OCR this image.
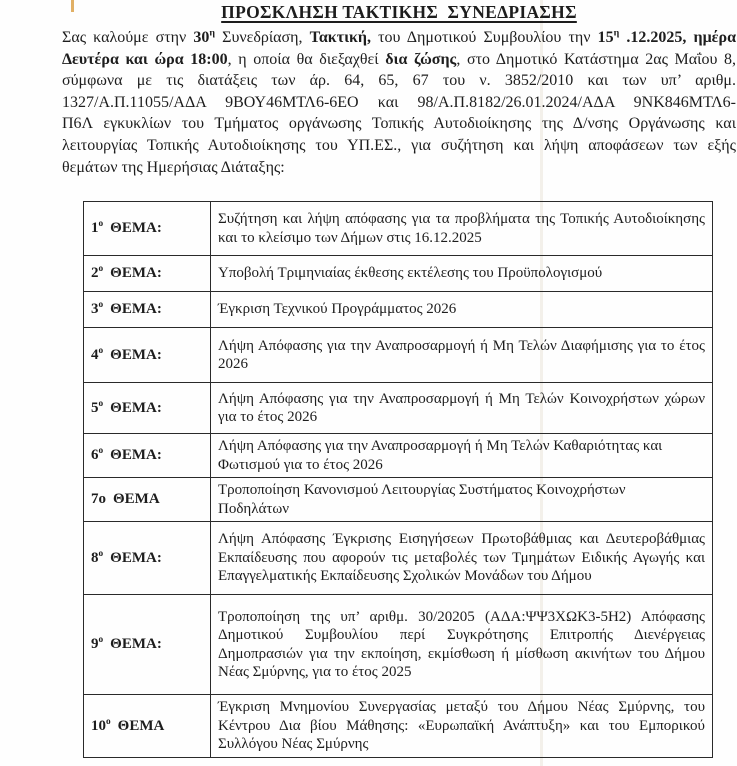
ΠΡΟΣΚΛΗΣΗ ΤΑΚΤΙΚΗΣ  ΣΥΝΕΔΡΙΑΣΗΣ
Σας καλούμε στην $30^\eta$ Συνεδρίαση, Τακτική, του Δημοτικού Συμβουλίου την $15^\eta$ .12.2025, ημέρα
Δευτέρα και ώρα 18:00, η οποία θα διεξαχθεί δια ζώσης, στο Δημοτικό Κατάστημα 2ας Μαΐου 8,
σύμφωνα με τις διατάξεις των άρ. 64, 65, 67 του ν. 3852/2010 και των υπ’ αριθμ.
1327/Α.Π.11055/ΑΔΑ 9ΒΟΥ46ΜΤΛ6-6ΕΟ και 98/Α.Π.8182/26.01.2024/ΑΔΑ 9ΝΚ846ΜΤΛ6-
Π6Λ εγκυκλίων του Τμήματος οργάνωσης Τοπικής Αυτοδιοίκησης της Δ/νσης Οργάνωσης και
λειτουργίας Τοπικής Αυτοδιοίκησης του ΥΠ.ΕΣ., για συζήτηση και λήψη αποφάσεων των εξής
θεμάτων της Ημερήσιας Διάταξης:
$1^o$ ΘΕΜΑ:	Συζήτηση και λήψη απόφασης για τα προβλήματα της Τοπικής Αυτοδιοίκησης
και το κλείσιμο των Δήμων στις 16.12.2025

$2^o$ ΘΕΜΑ:	Υποβολή Τριμηνιαίας έκθεσης εκτέλεσης του Προϋπολογισμού

$3^o$ ΘΕΜΑ:	Έγκριση Τεχνικού Προγράμματος 2026

$4^o$ ΘΕΜΑ:	Λήψη Απόφασης για την Αναπροσαρμογή ή Μη Τελών Διαφήμισης για το έτος
2026

$5^o$ ΘΕΜΑ:	Λήψη Απόφασης για την Αναπροσαρμογή ή Μη Τελών Κοινοχρήστων χώρων
για το έτος 2026

$6^o$ ΘΕΜΑ:	Λήψη Απόφασης για την Αναπροσαρμογή ή Μη Τελών Καθαριότητας και
Φωτισμού για το έτος 2026

7ο ΘΕΜΑ	Τροποποίηση Κανονισμού Λειτουργίας Συστήματος Κοινοχρήστων
Ποδηλάτων

$8^o$ ΘΕΜΑ:	Λήψη Απόφασης Έγκρισης Εισηγήσεων Πρωτοβάθμιας και Δευτεροβάθμιας
Εκπαίδευσης που αφορούν τις μεταβολές των Τμημάτων Ειδικής Αγωγής και
Επαγγελματικής Εκπαίδευσης Σχολικών Μονάδων του Δήμου

$9^o$ ΘΕΜΑ:	Τροποποίηση της υπ’ αριθμ. 30/20205 (ΑΔΑ:ΨΨ3ΧΩΚ3-5Η2) Απόφασης
Δημοτικού Συμβουλίου περί Συγκρότησης Επιτροπής Διενέργειας
Δημοπρασιών για την εκποίηση, εκμίσθωση ή μίσθωση ακινήτων του Δήμου
Νέας Σμύρνης, για το έτος 2025

$10^o$ ΘΕΜΑ	Έγκριση Μνημονίου Συνεργασίας μεταξύ του Δήμου Νέας Σμύρνης, του
Κέντρου Δια βίου Μάθησης: «Ευρωπαϊκή Ανάπτυξη» και του Εμπορικού
Συλλόγου Νέας Σμύρνης
